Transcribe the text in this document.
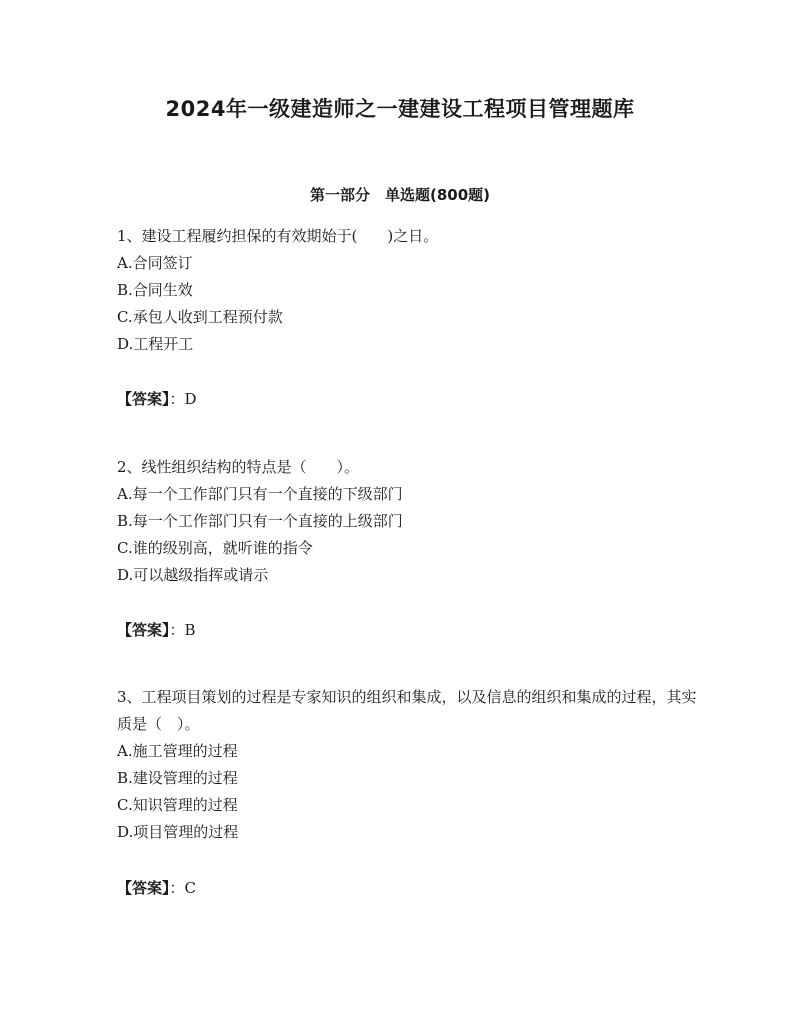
2024年一级建造师之一建建设工程项目管理题库
第一部分　单选题(800题)

1、建设工程履约担保的有效期始于(　　)之日。

A.合同签订

B.合同生效

C.承包人收到工程预付款

D.工程开工

【答案】：D

2、线性组织结构的特点是（　　）。

A.每一个工作部门只有一个直接的下级部门

B.每一个工作部门只有一个直接的上级部门

C.谁的级别高，就听谁的指令

D.可以越级指挥或请示

【答案】：B

3、工程项目策划的过程是专家知识的组织和集成，以及信息的组织和集成的过程，其实质是（　）。

A.施工管理的过程

B.建设管理的过程

C.知识管理的过程

D.项目管理的过程

【答案】：C
